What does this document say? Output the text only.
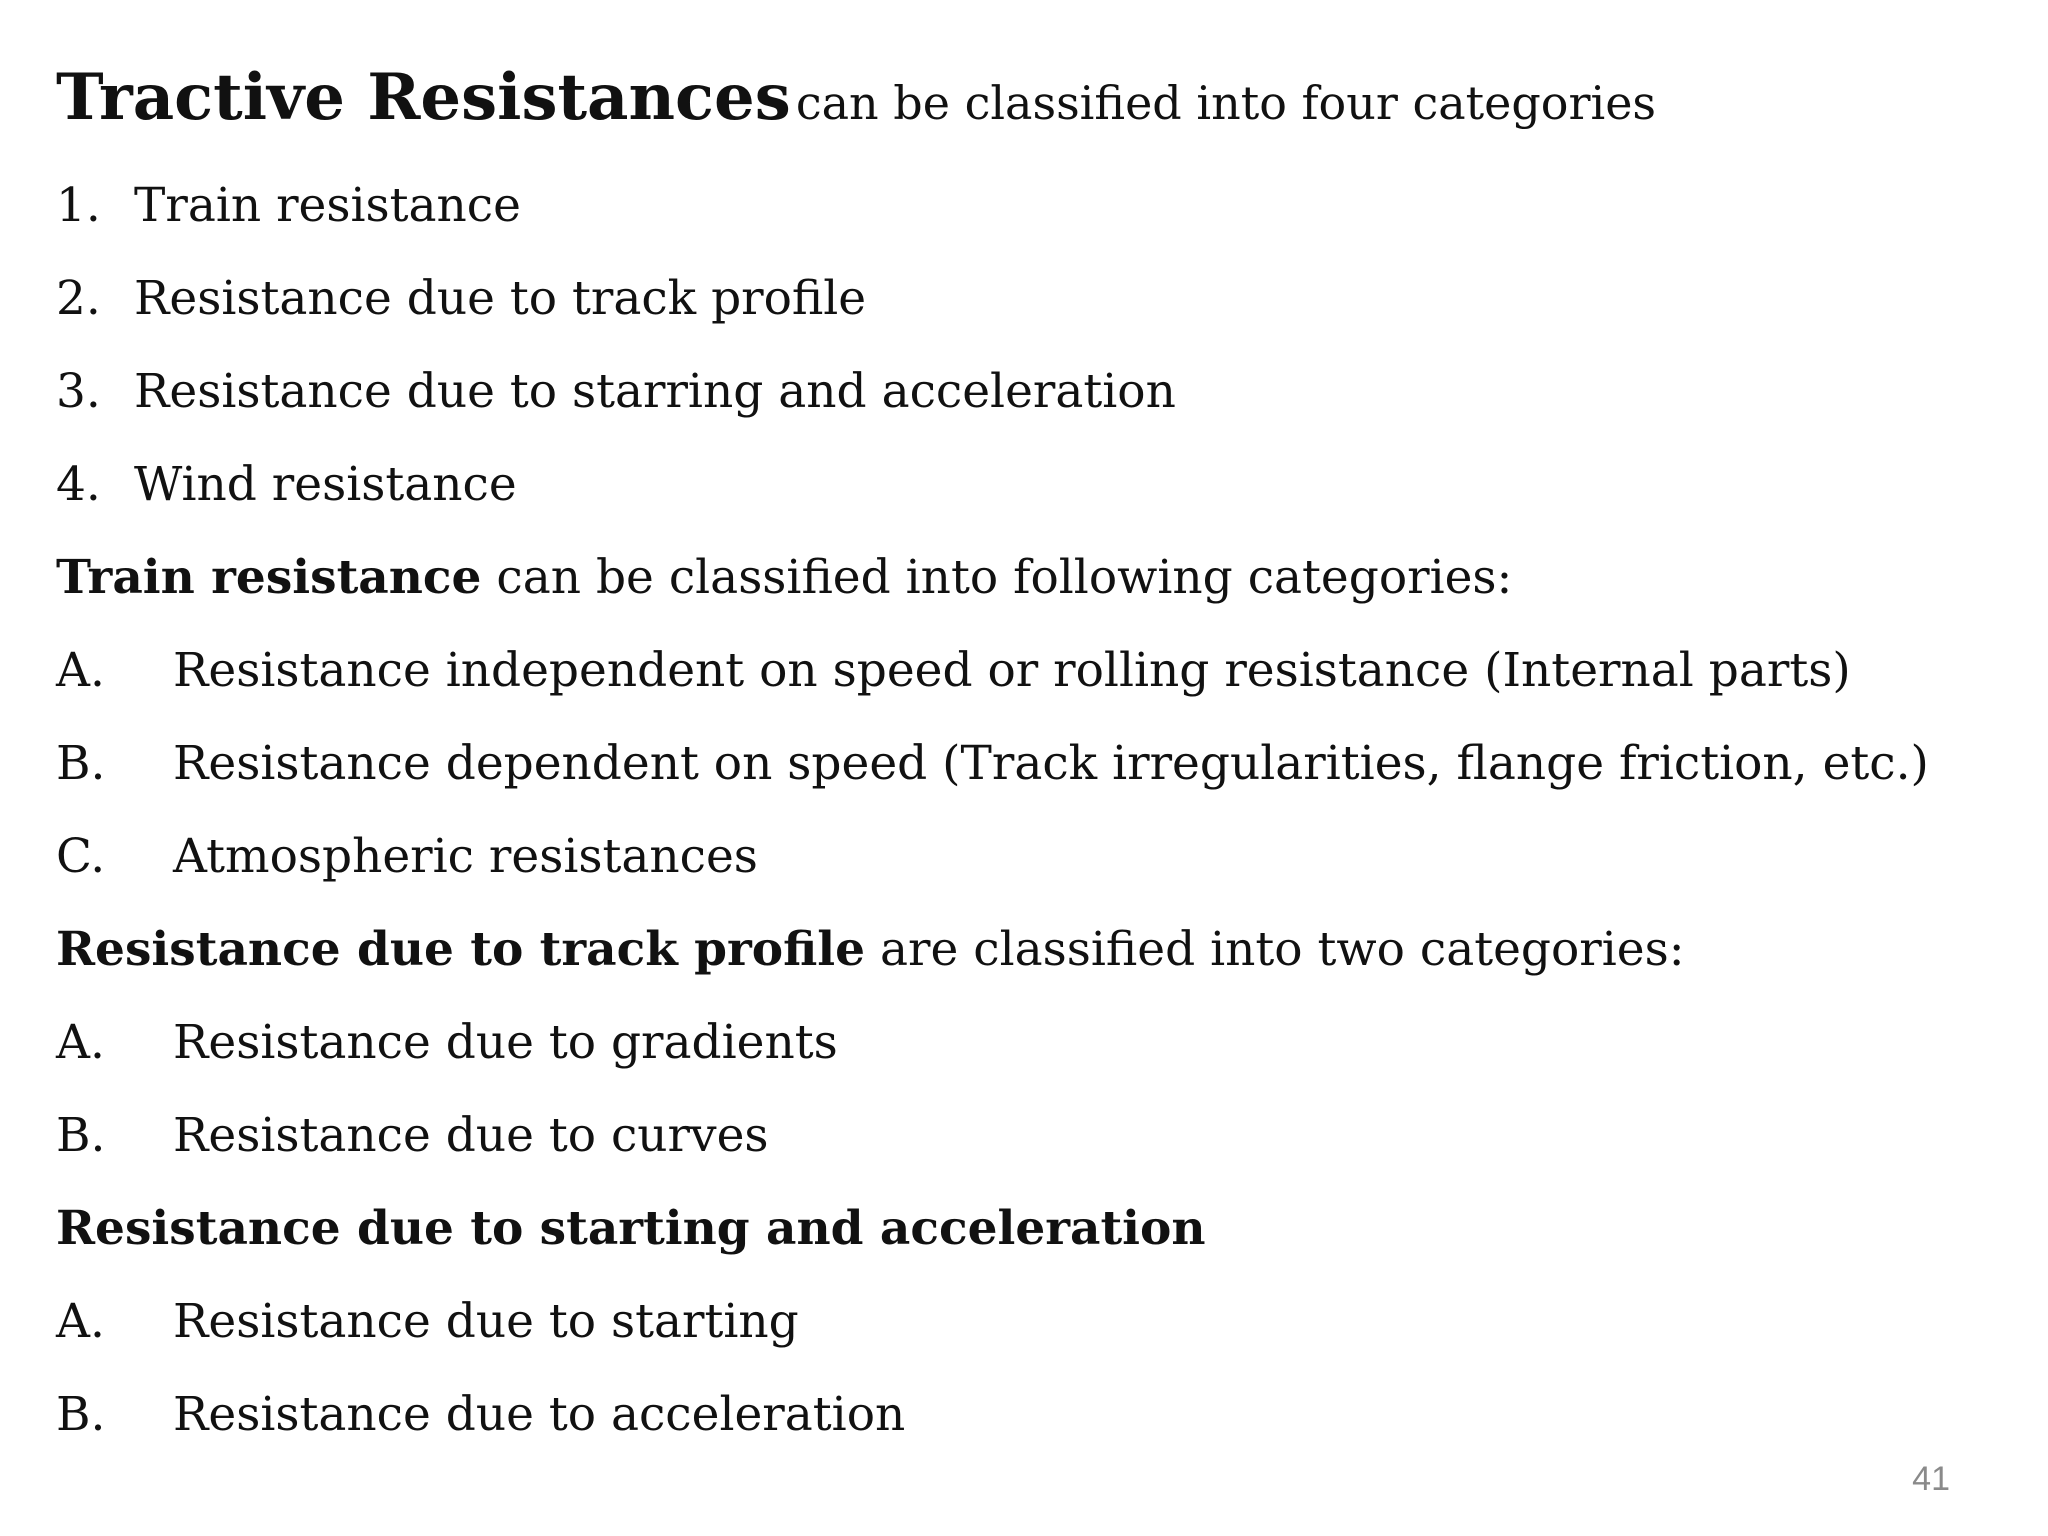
Tractive Resistances can be classified into four categories
1. Train resistance
2. Resistance due to track profile
3. Resistance due to starring and acceleration
4. Wind resistance
Train resistance can be classified into following categories:
A. Resistance independent on speed or rolling resistance (Internal parts)
B. Resistance dependent on speed (Track irregularities, flange friction, etc.)
C. Atmospheric resistances
Resistance due to track profile are classified into two categories:
A. Resistance due to gradients
B. Resistance due to curves
Resistance due to starting and acceleration
A. Resistance due to starting
B. Resistance due to acceleration
41
